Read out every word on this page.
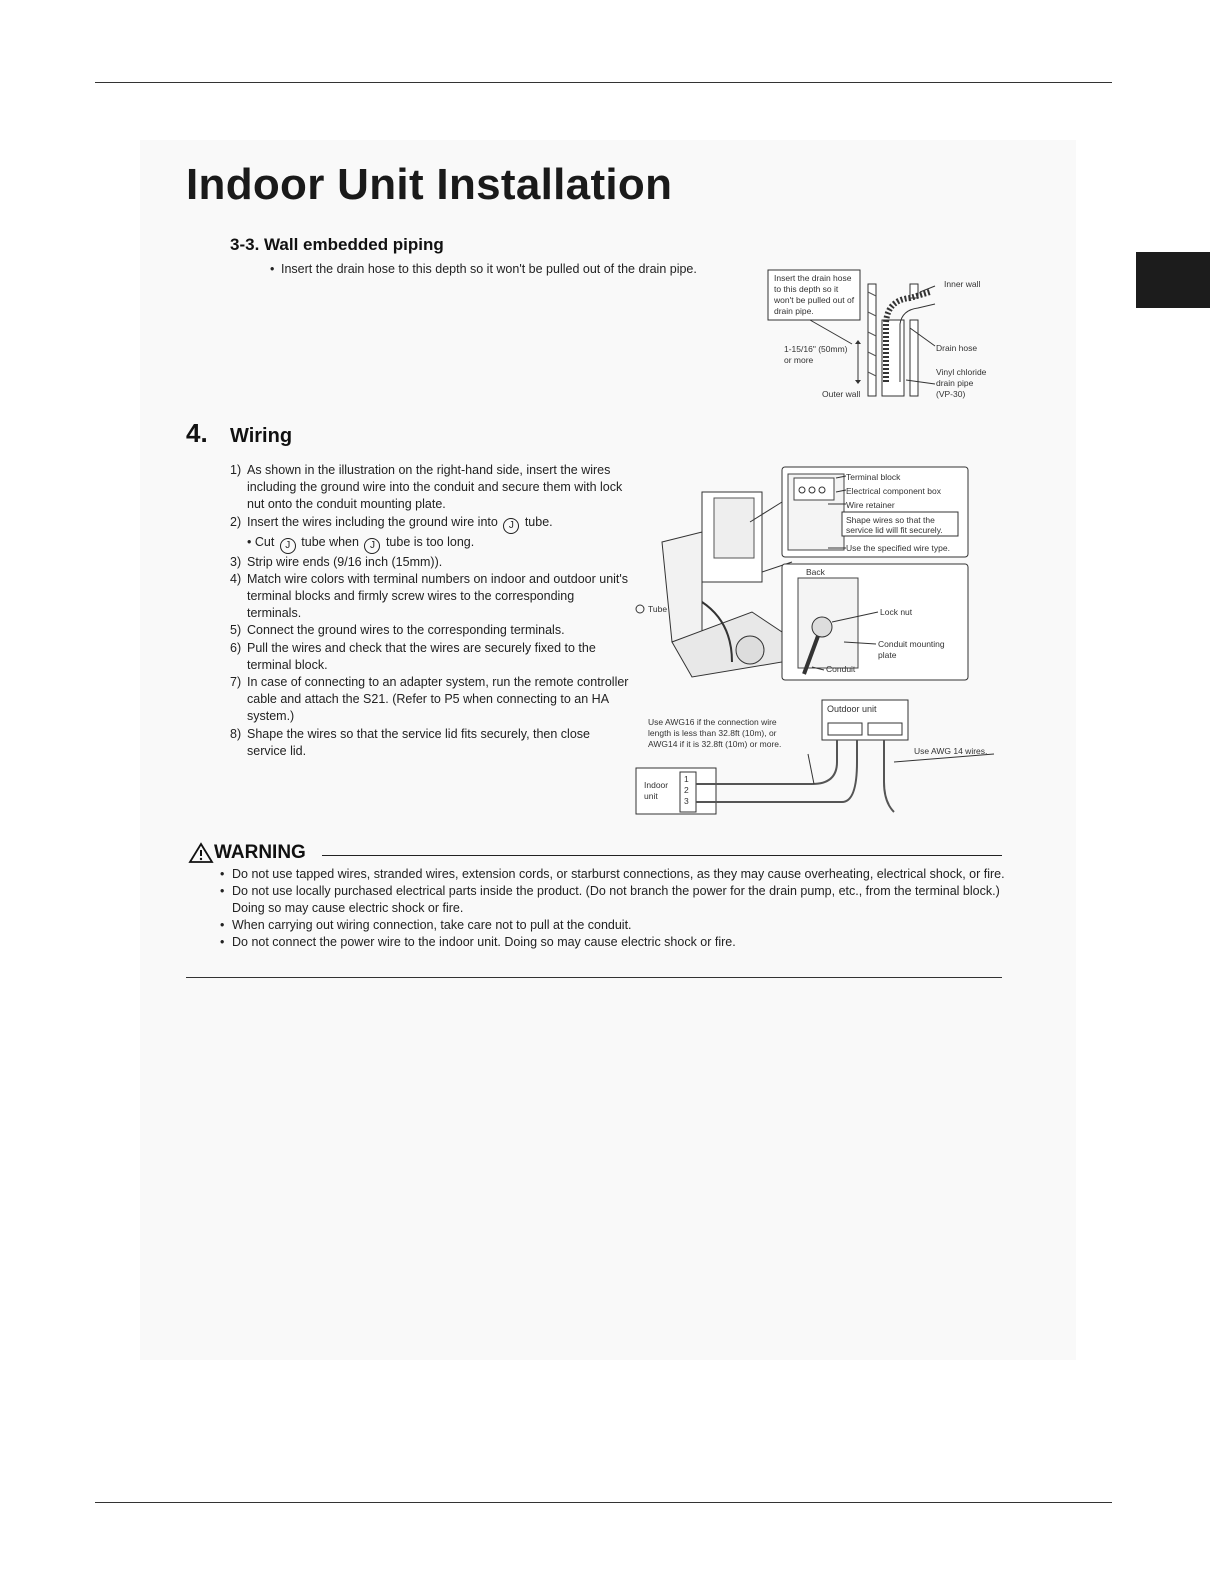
Indoor Unit Installation
3-3. Wall embedded piping
• Insert the drain hose to this depth so it won't be pulled out of the drain pipe.
Insert the drain hose to this depth so it won't be pulled out of drain pipe.
Inner wall
1-15/16" (50mm)
or more
Drain hose
Vinyl chloride
drain pipe
(VP-30)
Outer wall
4. Wiring
1) As shown in the illustration on the right-hand side, insert the wires including the ground wire into the conduit and secure them with lock nut onto the conduit mounting plate.
2) Insert the wires including the ground wire into J tube.
• Cut J tube when J tube is too long.
3) Strip wire ends (9/16 inch (15mm)).
4) Match wire colors with terminal numbers on indoor and outdoor unit's terminal blocks and firmly screw wires to the corresponding terminals.
5) Connect the ground wires to the corresponding terminals.
6) Pull the wires and check that the wires are securely fixed to the terminal block.
7) In case of connecting to an adapter system, run the remote controller cable and attach the S21. (Refer to P5 when connecting to an HA system.)
8) Shape the wires so that the service lid fits securely, then close service lid.
Terminal block
Electrical component box
Wire retainer
Shape wires so that the
service lid will fit securely.
Use the specified wire type.
Back
Lock nut
Conduit mounting
plate
Conduit
Tube
Outdoor unit
Use AWG16 if the connection wire
length is less than 32.8ft (10m), or
AWG14 if it is 32.8ft (10m) or more.
Use AWG 14 wires.
Indoor
unit
1
2
3
WARNING
• Do not use tapped wires, stranded wires, extension cords, or starburst connections, as they may cause overheating, electrical shock, or fire.
• Do not use locally purchased electrical parts inside the product. (Do not branch the power for the drain pump, etc., from the terminal block.) Doing so may cause electric shock or fire.
• When carrying out wiring connection, take care not to pull at the conduit.
• Do not connect the power wire to the indoor unit. Doing so may cause electric shock or fire.
